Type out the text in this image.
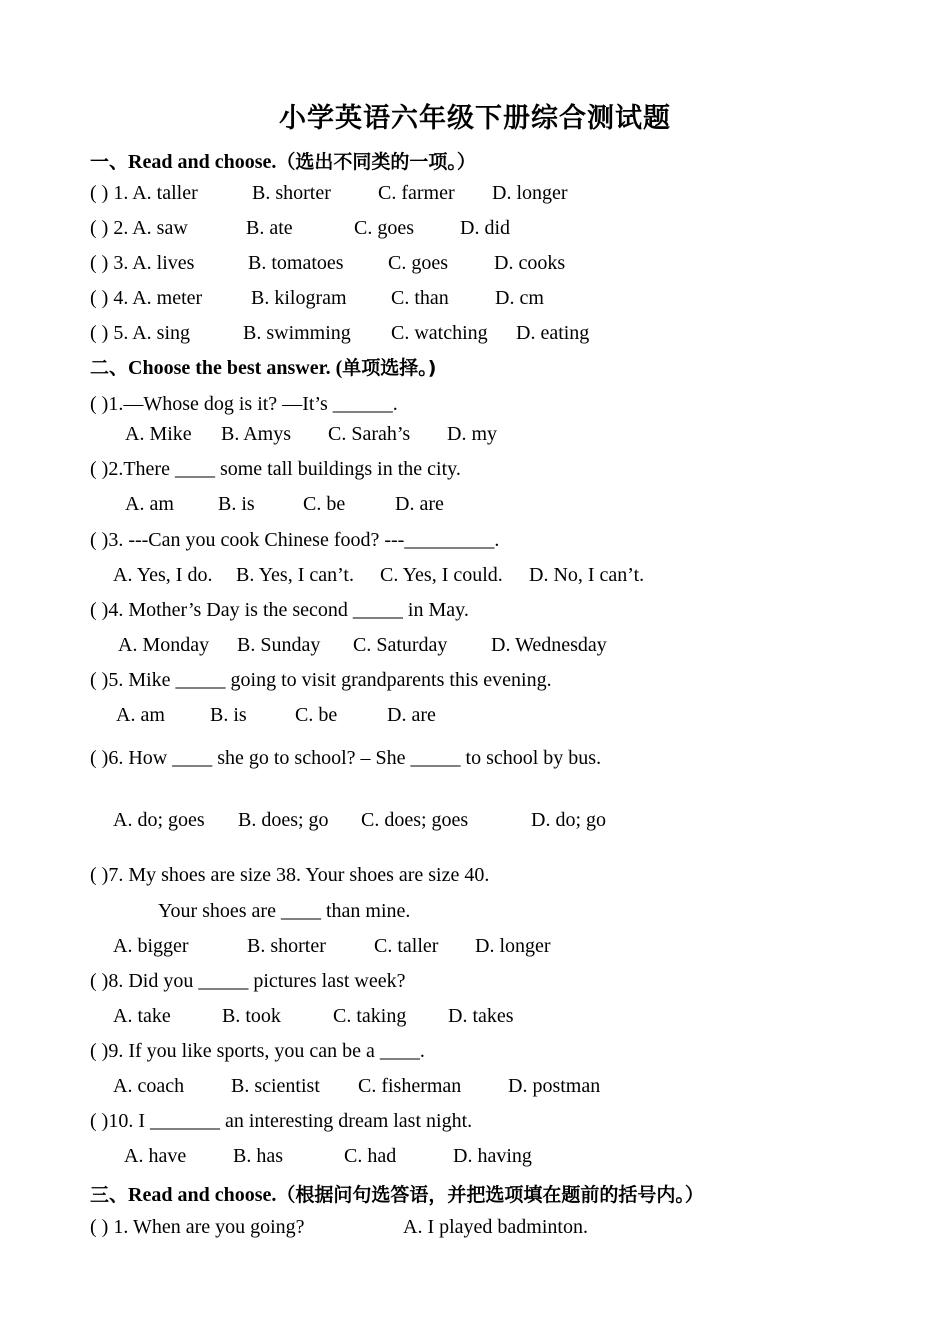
小学英语六年级下册综合测试题
一、Read and choose.（选出不同类的一项。）
( ) 1. A. taller	B. shorter C. farmer D. longer
( ) 2. A. saw	B. ate	C. goes D. did
( ) 3. A. lives	B. tomatoes C. goes D. cooks
( ) 4. A. meter B. kilogram C. than D. cm
( ) 5. A. sing	B. swimming C. watching D. eating
二、Choose the best answer. (单项选择。)
( )1.—Whose dog is it? —It’s ______.
A. Mike B. Amys C. Sarah’s D. my
( )2.There ____ some tall buildings in the city.
A. am B. is C. be D. are
( )3. ---Can you cook Chinese food? ---_________.
A. Yes, I do. B. Yes, I can’t. C. Yes, I could. D. No, I can’t.
( )4. Mother’s Day is the second _____ in May.
A. Monday B. Sunday C. Saturday D. Wednesday
( )5. Mike _____ going to visit grandparents this evening.
A. am B. is C. be D. are
( )6. How ____ she go to school? – She _____ to school by bus.
A. do; goes B. does; go C. does; goes	D. do; go
( )7. My shoes are size 38. Your shoes are size 40.
Your shoes are ____ than mine.
A. bigger	B. shorter C. taller D. longer
( )8. Did you _____ pictures last week?
A. take	B. took	C. taking D. takes
( )9. If you like sports, you can be a ____.
A. coach B. scientist C. fisherman D. postman
( )10. I _______ an interesting dream last night.
A. have B. has	C. had	D. having
三、Read and choose.（根据问句选答语，并把选项填在题前的括号内。）
( ) 1. When are you going?	A. I played badminton.
